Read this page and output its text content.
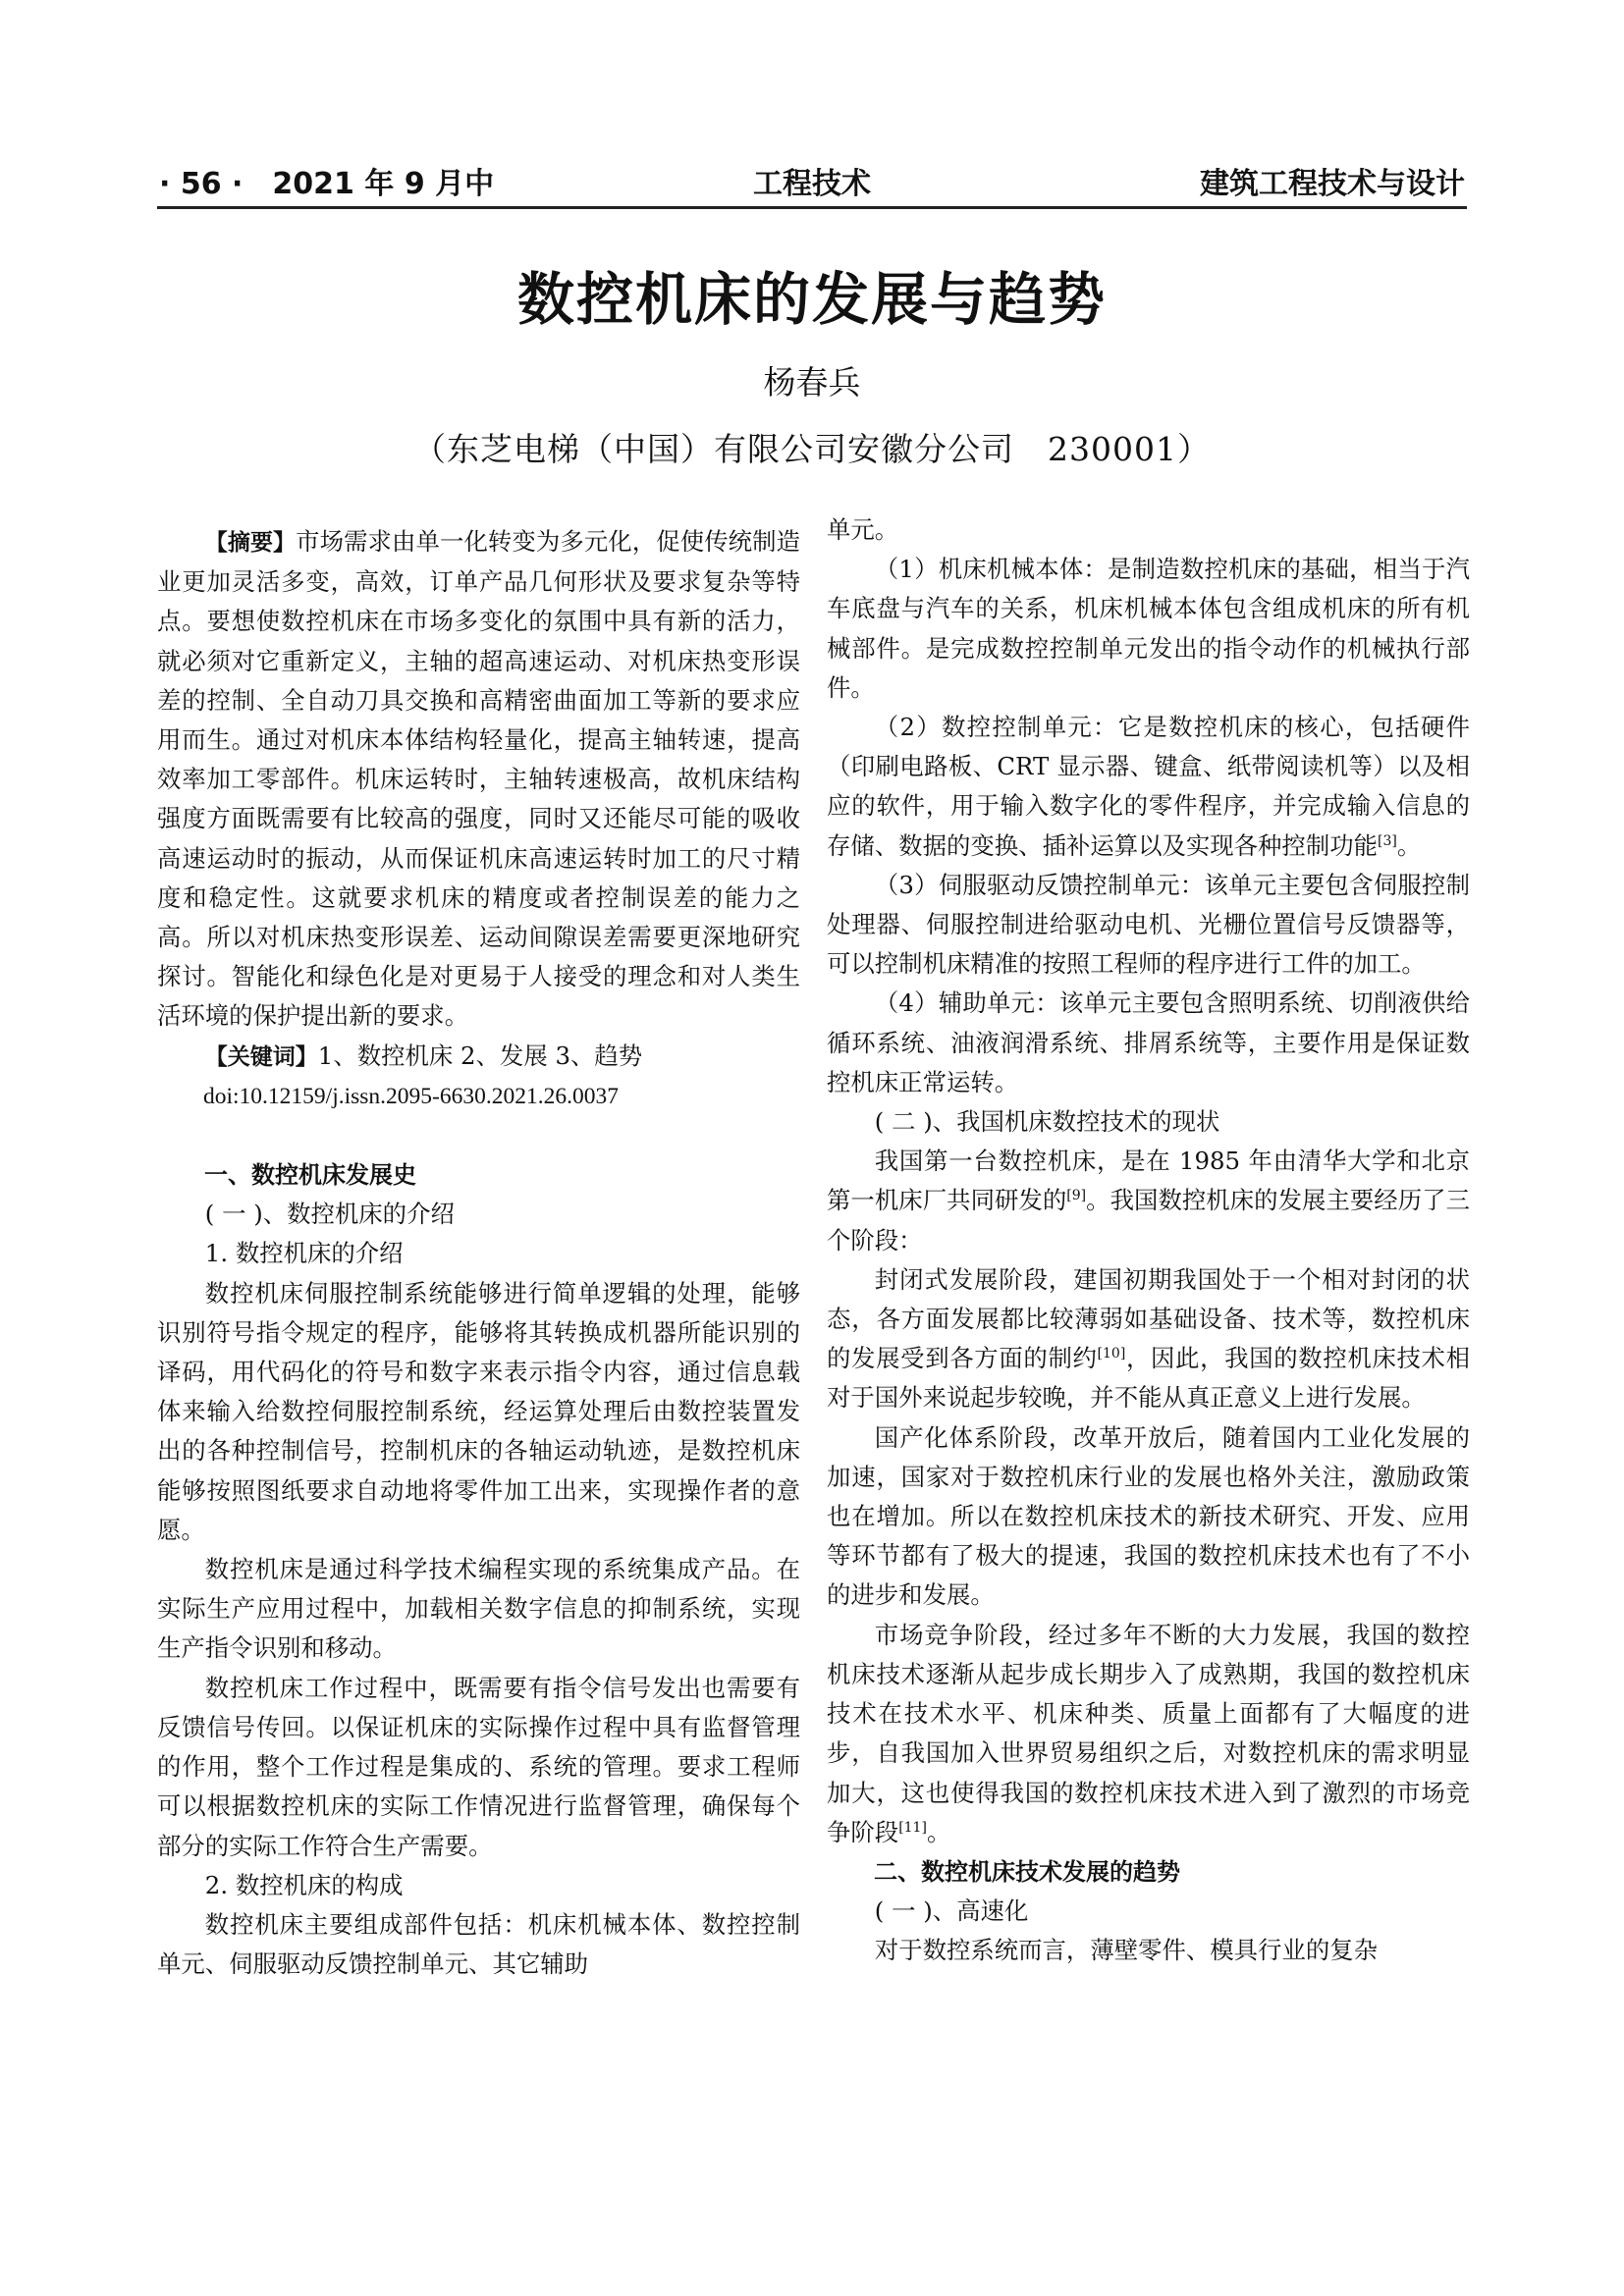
· 56 ·　2021 年 9 月中	工程技术	建筑工程技术与设计
数控机床的发展与趋势
杨春兵
（东芝电梯（中国）有限公司安徽分公司　230001）

【摘要】市场需求由单一化转变为多元化，促使传统制造业更加灵活多变，高效，订单产品几何形状及要求复杂等特点。要想使数控机床在市场多变化的氛围中具有新的活力，就必须对它重新定义，主轴的超高速运动、对机床热变形误差的控制、全自动刀具交换和高精密曲面加工等新的要求应用而生。通过对机床本体结构轻量化，提高主轴转速，提高效率加工零部件。机床运转时，主轴转速极高，故机床结构强度方面既需要有比较高的强度，同时又还能尽可能的吸收高速运动时的振动，从而保证机床高速运转时加工的尺寸精度和稳定性。这就要求机床的精度或者控制误差的能力之高。所以对机床热变形误差、运动间隙误差需要更深地研究探讨。智能化和绿色化是对更易于人接受的理念和对人类生活环境的保护提出新的要求。

【关键词】1、数控机床 2、发展 3、趋势

doi:10.12159/j.issn.2095-6630.2021.26.0037

一、数控机床发展史

( 一 )、数控机床的介绍

1. 数控机床的介绍

数控机床伺服控制系统能够进行简单逻辑的处理，能够识别符号指令规定的程序，能够将其转换成机器所能识别的译码，用代码化的符号和数字来表示指令内容，通过信息载体来输入给数控伺服控制系统，经运算处理后由数控装置发出的各种控制信号，控制机床的各轴运动轨迹，是数控机床能够按照图纸要求自动地将零件加工出来，实现操作者的意愿。

数控机床是通过科学技术编程实现的系统集成产品。在实际生产应用过程中，加载相关数字信息的抑制系统，实现生产指令识别和移动。

数控机床工作过程中，既需要有指令信号发出也需要有反馈信号传回。以保证机床的实际操作过程中具有监督管理的作用，整个工作过程是集成的、系统的管理。要求工程师可以根据数控机床的实际工作情况进行监督管理，确保每个部分的实际工作符合生产需要。

2. 数控机床的构成

数控机床主要组成部件包括：机床机械本体、数控控制单元、伺服驱动反馈控制单元、其它辅助

单元。

（1）机床机械本体：是制造数控机床的基础，相当于汽车底盘与汽车的关系，机床机械本体包含组成机床的所有机械部件。是完成数控控制单元发出的指令动作的机械执行部件。

（2）数控控制单元：它是数控机床的核心，包括硬件（印刷电路板、CRT 显示器、键盒、纸带阅读机等）以及相应的软件，用于输入数字化的零件程序，并完成输入信息的存储、数据的变换、插补运算以及实现各种控制功能[3]。

（3）伺服驱动反馈控制单元：该单元主要包含伺服控制处理器、伺服控制进给驱动电机、光栅位置信号反馈器等，可以控制机床精准的按照工程师的程序进行工件的加工。

（4）辅助单元：该单元主要包含照明系统、切削液供给循环系统、油液润滑系统、排屑系统等，主要作用是保证数控机床正常运转。

( 二 )、我国机床数控技术的现状

我国第一台数控机床，是在 1985 年由清华大学和北京第一机床厂共同研发的[9]。我国数控机床的发展主要经历了三个阶段：

封闭式发展阶段，建国初期我国处于一个相对封闭的状态，各方面发展都比较薄弱如基础设备、技术等，数控机床的发展受到各方面的制约[10]，因此，我国的数控机床技术相对于国外来说起步较晚，并不能从真正意义上进行发展。

国产化体系阶段，改革开放后，随着国内工业化发展的加速，国家对于数控机床行业的发展也格外关注，激励政策也在增加。所以在数控机床技术的新技术研究、开发、应用等环节都有了极大的提速，我国的数控机床技术也有了不小的进步和发展。

市场竞争阶段，经过多年不断的大力发展，我国的数控机床技术逐渐从起步成长期步入了成熟期，我国的数控机床技术在技术水平、机床种类、质量上面都有了大幅度的进步，自我国加入世界贸易组织之后，对数控机床的需求明显加大，这也使得我国的数控机床技术进入到了激烈的市场竞争阶段[11]。

二、数控机床技术发展的趋势

( 一 )、高速化

对于数控系统而言，薄壁零件、模具行业的复杂
